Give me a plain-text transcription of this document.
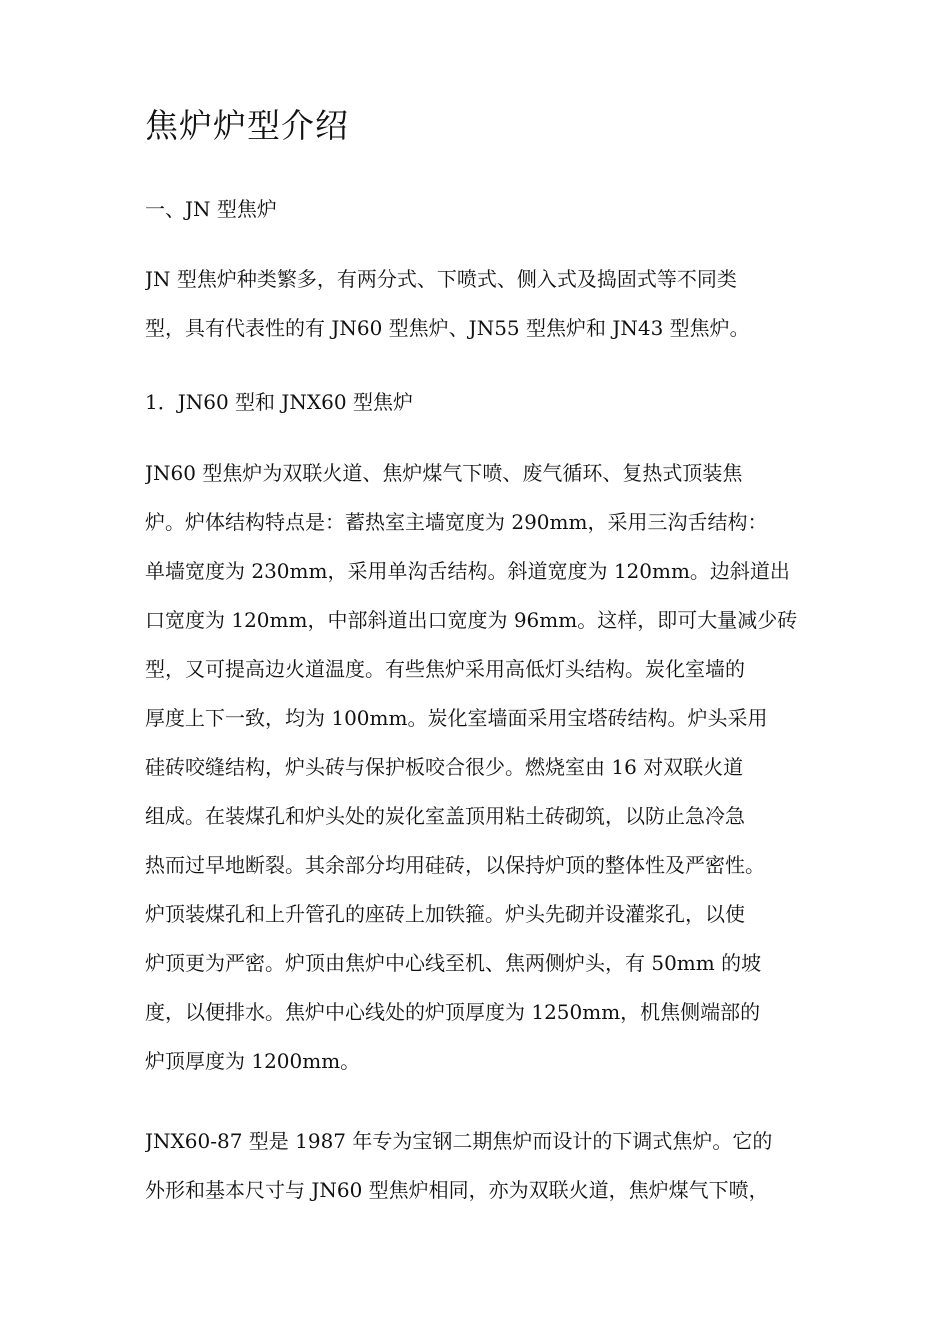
焦炉炉型介绍
一、JN 型焦炉

JN 型焦炉种类繁多，有两分式、下喷式、侧入式及捣固式等不同类
型，具有代表性的有 JN60 型焦炉、JN55 型焦炉和 JN43 型焦炉。

1．JN60 型和 JNX60 型焦炉

JN60 型焦炉为双联火道、焦炉煤气下喷、废气循环、复热式顶装焦
炉。炉体结构特点是：蓄热室主墙宽度为 290mm，采用三沟舌结构：
单墙宽度为 230mm，采用单沟舌结构。斜道宽度为 120mm。边斜道出
口宽度为 120mm，中部斜道出口宽度为 96mm。这样，即可大量减少砖
型，又可提高边火道温度。有些焦炉采用高低灯头结构。炭化室墙的
厚度上下一致，均为 100mm。炭化室墙面采用宝塔砖结构。炉头采用
硅砖咬缝结构，炉头砖与保护板咬合很少。燃烧室由 16 对双联火道
组成。在装煤孔和炉头处的炭化室盖顶用粘土砖砌筑，以防止急冷急
热而过早地断裂。其余部分均用硅砖，以保持炉顶的整体性及严密性。
炉顶装煤孔和上升管孔的座砖上加铁箍。炉头先砌并设灌浆孔，以使
炉顶更为严密。炉顶由焦炉中心线至机、焦两侧炉头，有 50mm 的坡
度，以便排水。焦炉中心线处的炉顶厚度为 1250mm，机焦侧端部的
炉顶厚度为 1200mm。

JNX60-87 型是 1987 年专为宝钢二期焦炉而设计的下调式焦炉。它的
外形和基本尺寸与 JN60 型焦炉相同，亦为双联火道，焦炉煤气下喷，
